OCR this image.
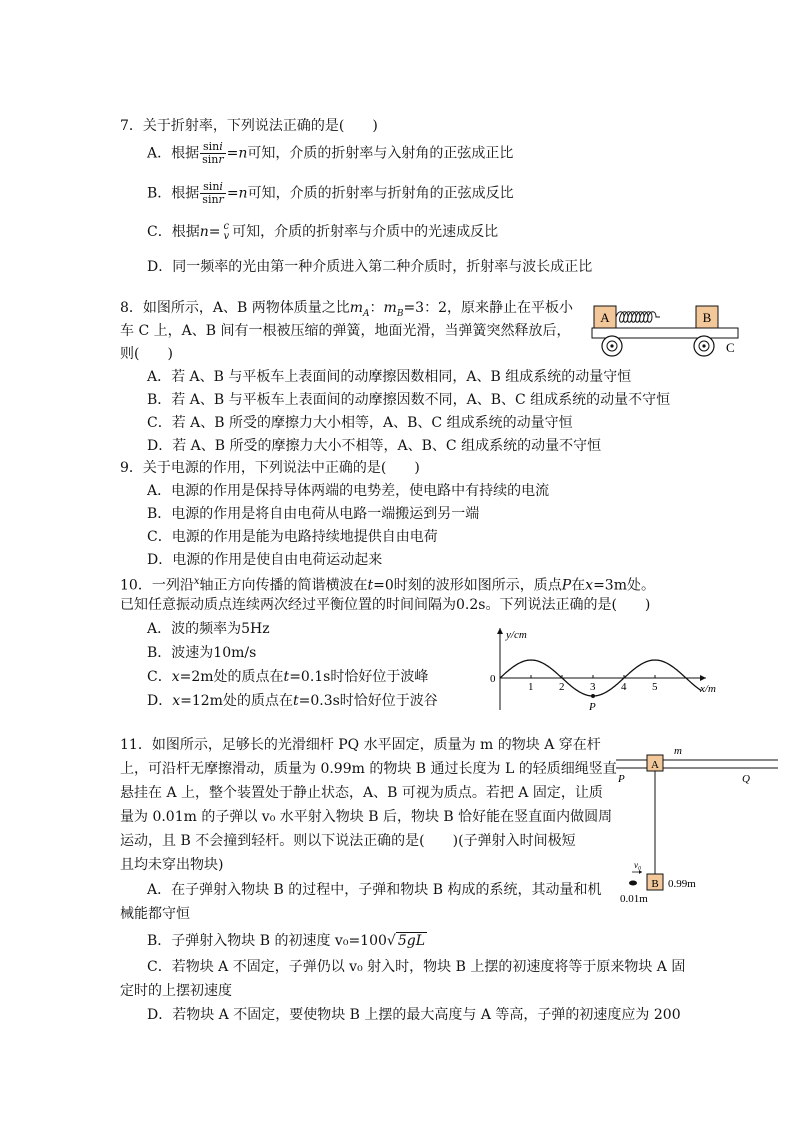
7．关于折射率，下列说法正确的是(　　)
A．根据 $\frac{\sin i}{\sin r} =n$可知，介质的折射率与入射角的正弦成正比
B．根据 $\frac{\sin i}{\sin r} =n$可知，介质的折射率与折射角的正弦成反比
C．根据n= c
v 可知，介质的折射率与介质中的光速成反比
D．同一频率的光由第一种介质进入第二种介质时，折射率与波长成正比
8．如图所示，A、B 两物体质量之比$m_A$：$m_B=3$：2，原来静止在平板小
车 C 上，A、B 间有一根被压缩的弹簧，地面光滑，当弹簧突然释放后，
则(　　)
A．若 A、B 与平板车上表面间的动摩擦因数相同，A、B 组成系统的动量守恒
B．若 A、B 与平板车上表面间的动摩擦因数不同，A、B、C 组成系统的动量不守恒
C．若 A、B 所受的摩擦力大小相等，A、B、C 组成系统的动量守恒
D．若 A、B 所受的摩擦力大小不相等，A、B、C 组成系统的动量不守恒
A	B
C
9．关于电源的作用，下列说法中正确的是(　　)
A．电源的作用是保持导体两端的电势差，使电路中有持续的电流
B．电源的作用是将自由电荷从电路一端搬运到另一端
C．电源的作用是能为电路持续地提供自由电荷
D．电源的作用是使自由电荷运动起来
10．一列沿$^x$轴正方向传播的简谐横波在t=0时刻的波形如图所示，质点P在x=3m处。
已知任意振动质点连续两次经过平衡位置的时间间隔为0.2s。下列说法正确的是(　　)
A．波的频率为5Hz
B．波速为10m/s
C．x=2m处的质点在t=0.1s时恰好位于波峰
D．x=12m处的质点在t=0.3s时恰好位于波谷
y/cm
x/m
0
1 2 3 4 5
P
11．如图所示，足够长的光滑细杆 PQ 水平固定，质量为 m 的物块 A 穿在杆
上，可沿杆无摩擦滑动，质量为 0.99m 的物块 B 通过长度为 L 的轻质细绳竖直
悬挂在 A 上，整个装置处于静止状态，A、B 可视为质点。若把 A 固定，让质
量为 0.01m 的子弹以 v₀ 水平射入物块 B 后，物块 B 恰好能在竖直面内做圆周
运动，且 B 不会撞到轻杆。则以下说法正确的是(　　)(子弹射入时间极短
且均未穿出物块)
A．在子弹射入物块 B 的过程中，子弹和物块 B 构成的系统，其动量和机
械能都守恒
B．子弹射入物块 B 的初速度 v₀=100√ 5gL
C．若物块 A 不固定，子弹仍以 v₀ 射入时，物块 B 上摆的初速度将等于原来物块 A 固
定时的上摆初速度
D．若物块 A 不固定，要使物块 B 上摆的最大高度与 A 等高，子弹的初速度应为 200
m
P	Q
A
B 0.99m
v₀
0.01m
